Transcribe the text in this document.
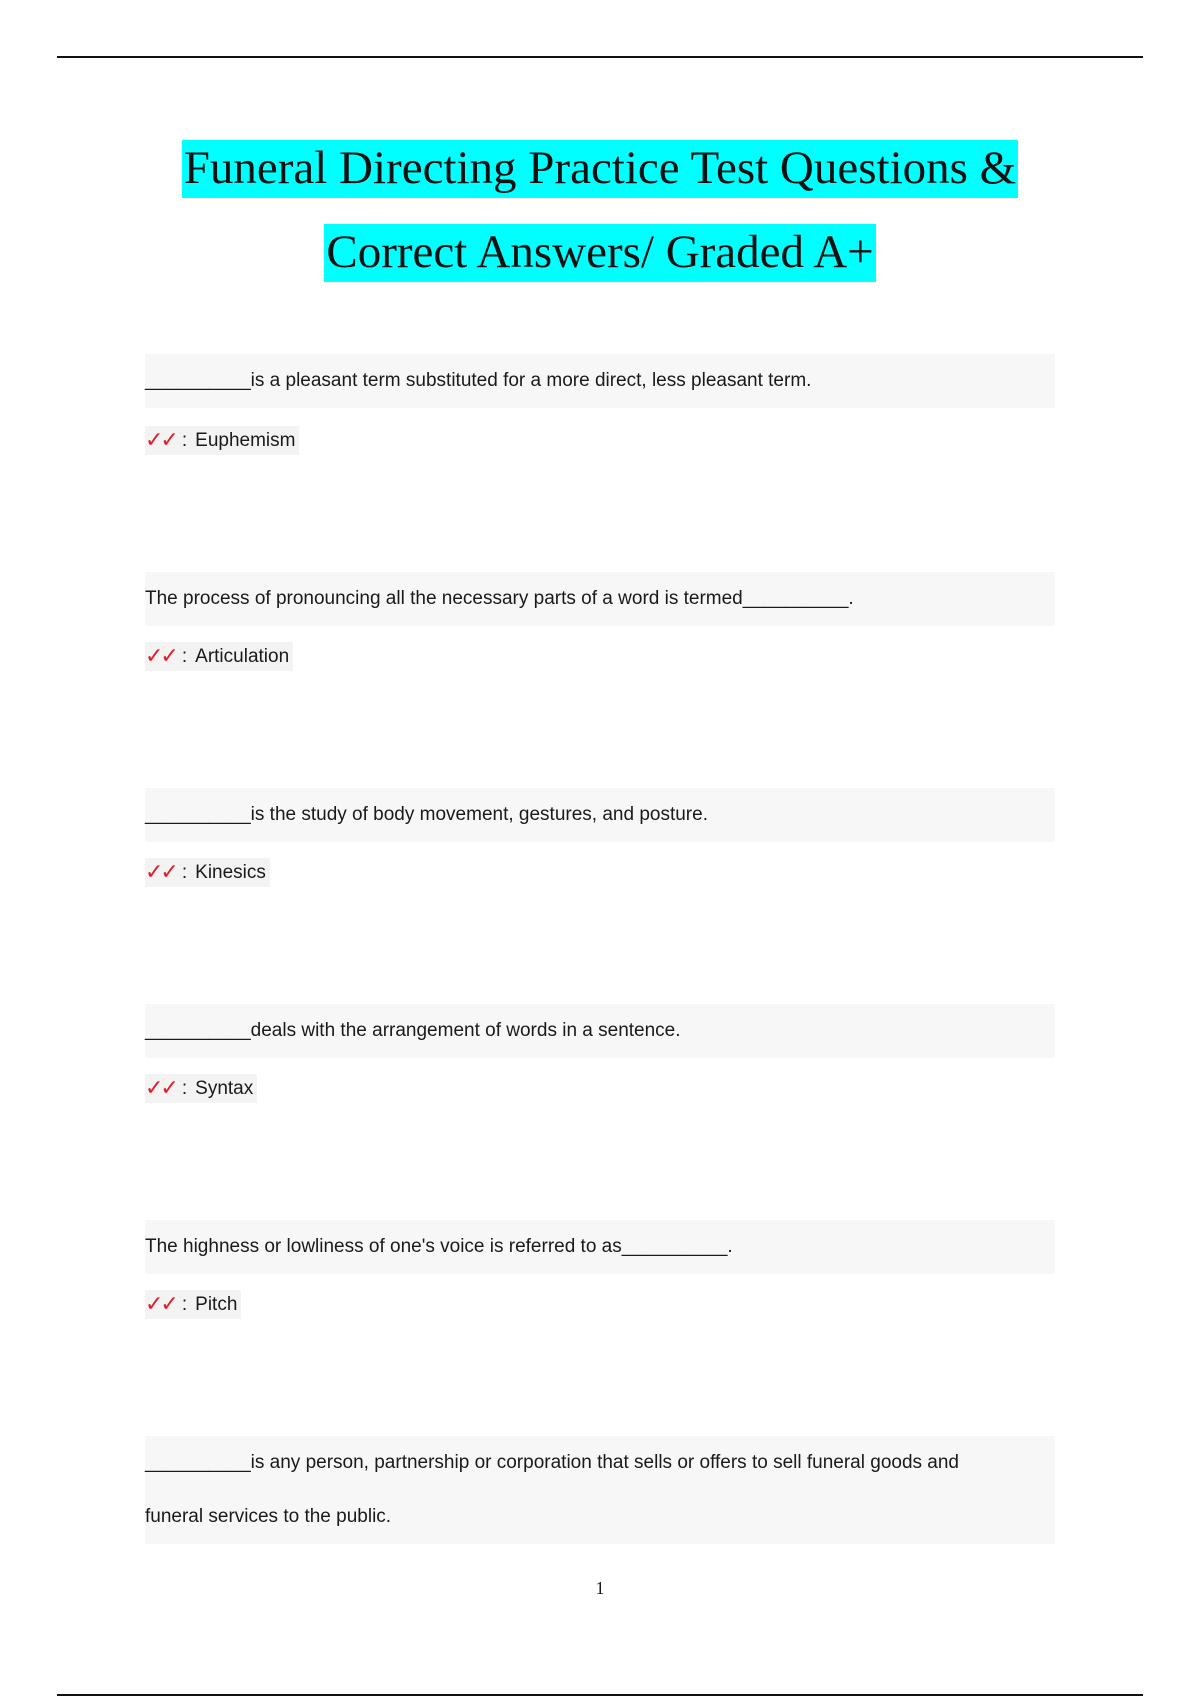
Funeral Directing Practice Test Questions &
Correct Answers/ Graded A+
__________is a pleasant term substituted for a more direct, less pleasant term.
✓✓ : Euphemism
The process of pronouncing all the necessary parts of a word is termed__________.
✓✓ : Articulation
__________is the study of body movement, gestures, and posture.
✓✓ : Kinesics
__________deals with the arrangement of words in a sentence.
✓✓ : Syntax
The highness or lowliness of one's voice is referred to as__________.
✓✓ : Pitch
__________is any person, partnership or corporation that sells or offers to sell funeral goods and
funeral services to the public.
1
